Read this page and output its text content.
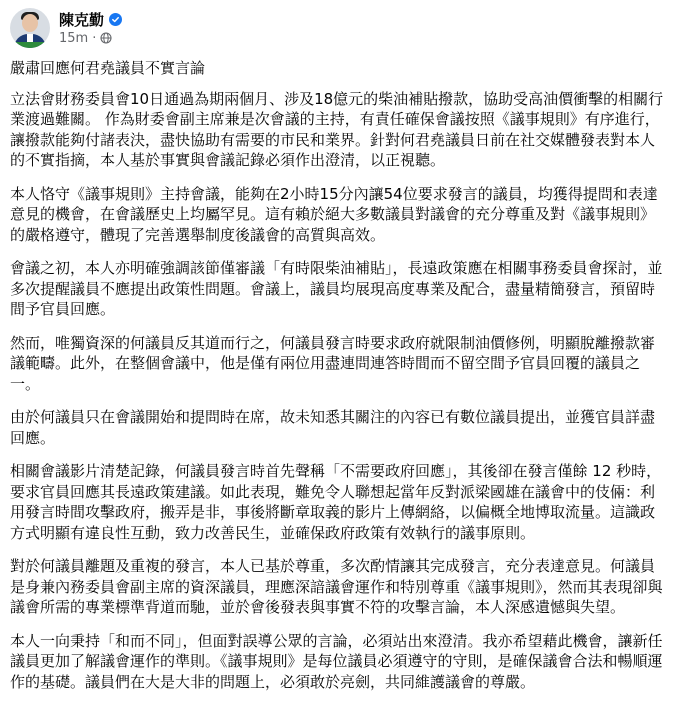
陳克勤
15m ·

嚴肅回應何君堯議員不實言論

立法會財務委員會10日通過為期兩個月、涉及18億元的柴油補貼撥款，協助受高油價衝擊的相關行業渡過難關。 作為財委會副主席兼是次會議的主持，有責任確保會議按照《議事規則》有序進行，讓撥款能夠付諸表決，盡快協助有需要的市民和業界。針對何君堯議員日前在社交媒體發表對本人的不實指摘，本人基於事實與會議記錄必須作出澄清，以正視聽。

本人恪守《議事規則》主持會議，能夠在2小時15分內讓54位要求發言的議員，均獲得提問和表達意見的機會，在會議歷史上均屬罕見。這有賴於絕大多數議員對議會的充分尊重及對《議事規則》的嚴格遵守，體現了完善選舉制度後議會的高質與高效。

會議之初，本人亦明確強調該節僅審議「有時限柴油補貼」，長遠政策應在相關事務委員會探討，並多次提醒議員不應提出政策性問題。會議上，議員均展現高度專業及配合，盡量精簡發言，預留時間予官員回應。

然而，唯獨資深的何議員反其道而行之，何議員發言時要求政府就限制油價修例，明顯脫離撥款審議範疇。此外，在整個會議中，他是僅有兩位用盡連問連答時間而不留空間予官員回覆的議員之一。

由於何議員只在會議開始和提問時在席，故未知悉其關注的內容已有數位議員提出，並獲官員詳盡回應。

相關會議影片清楚記錄，何議員發言時首先聲稱「不需要政府回應」，其後卻在發言僅餘 12 秒時，要求官員回應其長遠政策建議。如此表現，難免令人聯想起當年反對派梁國雄在議會中的伎倆：利用發言時間攻擊政府，搬弄是非，事後將斷章取義的影片上傳網絡，以偏概全地博取流量。這識政方式明顯有違良性互動，致力改善民生，並確保政府政策有效執行的議事原則。

對於何議員離題及重複的發言，本人已基於尊重，多次酌情讓其完成發言，充分表達意見。何議員是身兼內務委員會副主席的資深議員，理應深諳議會運作和特別尊重《議事規則》，然而其表現卻與議會所需的專業標準背道而馳，並於會後發表與事實不符的攻擊言論，本人深感遺憾與失望。

本人一向秉持「和而不同」，但面對誤導公眾的言論，必須站出來澄清。我亦希望藉此機會，讓新任議員更加了解議會運作的準則。《議事規則》是每位議員必須遵守的守則，是確保議會合法和暢順運作的基礎。議員們在大是大非的問題上，必須敢於亮劍，共同維護議會的尊嚴。
